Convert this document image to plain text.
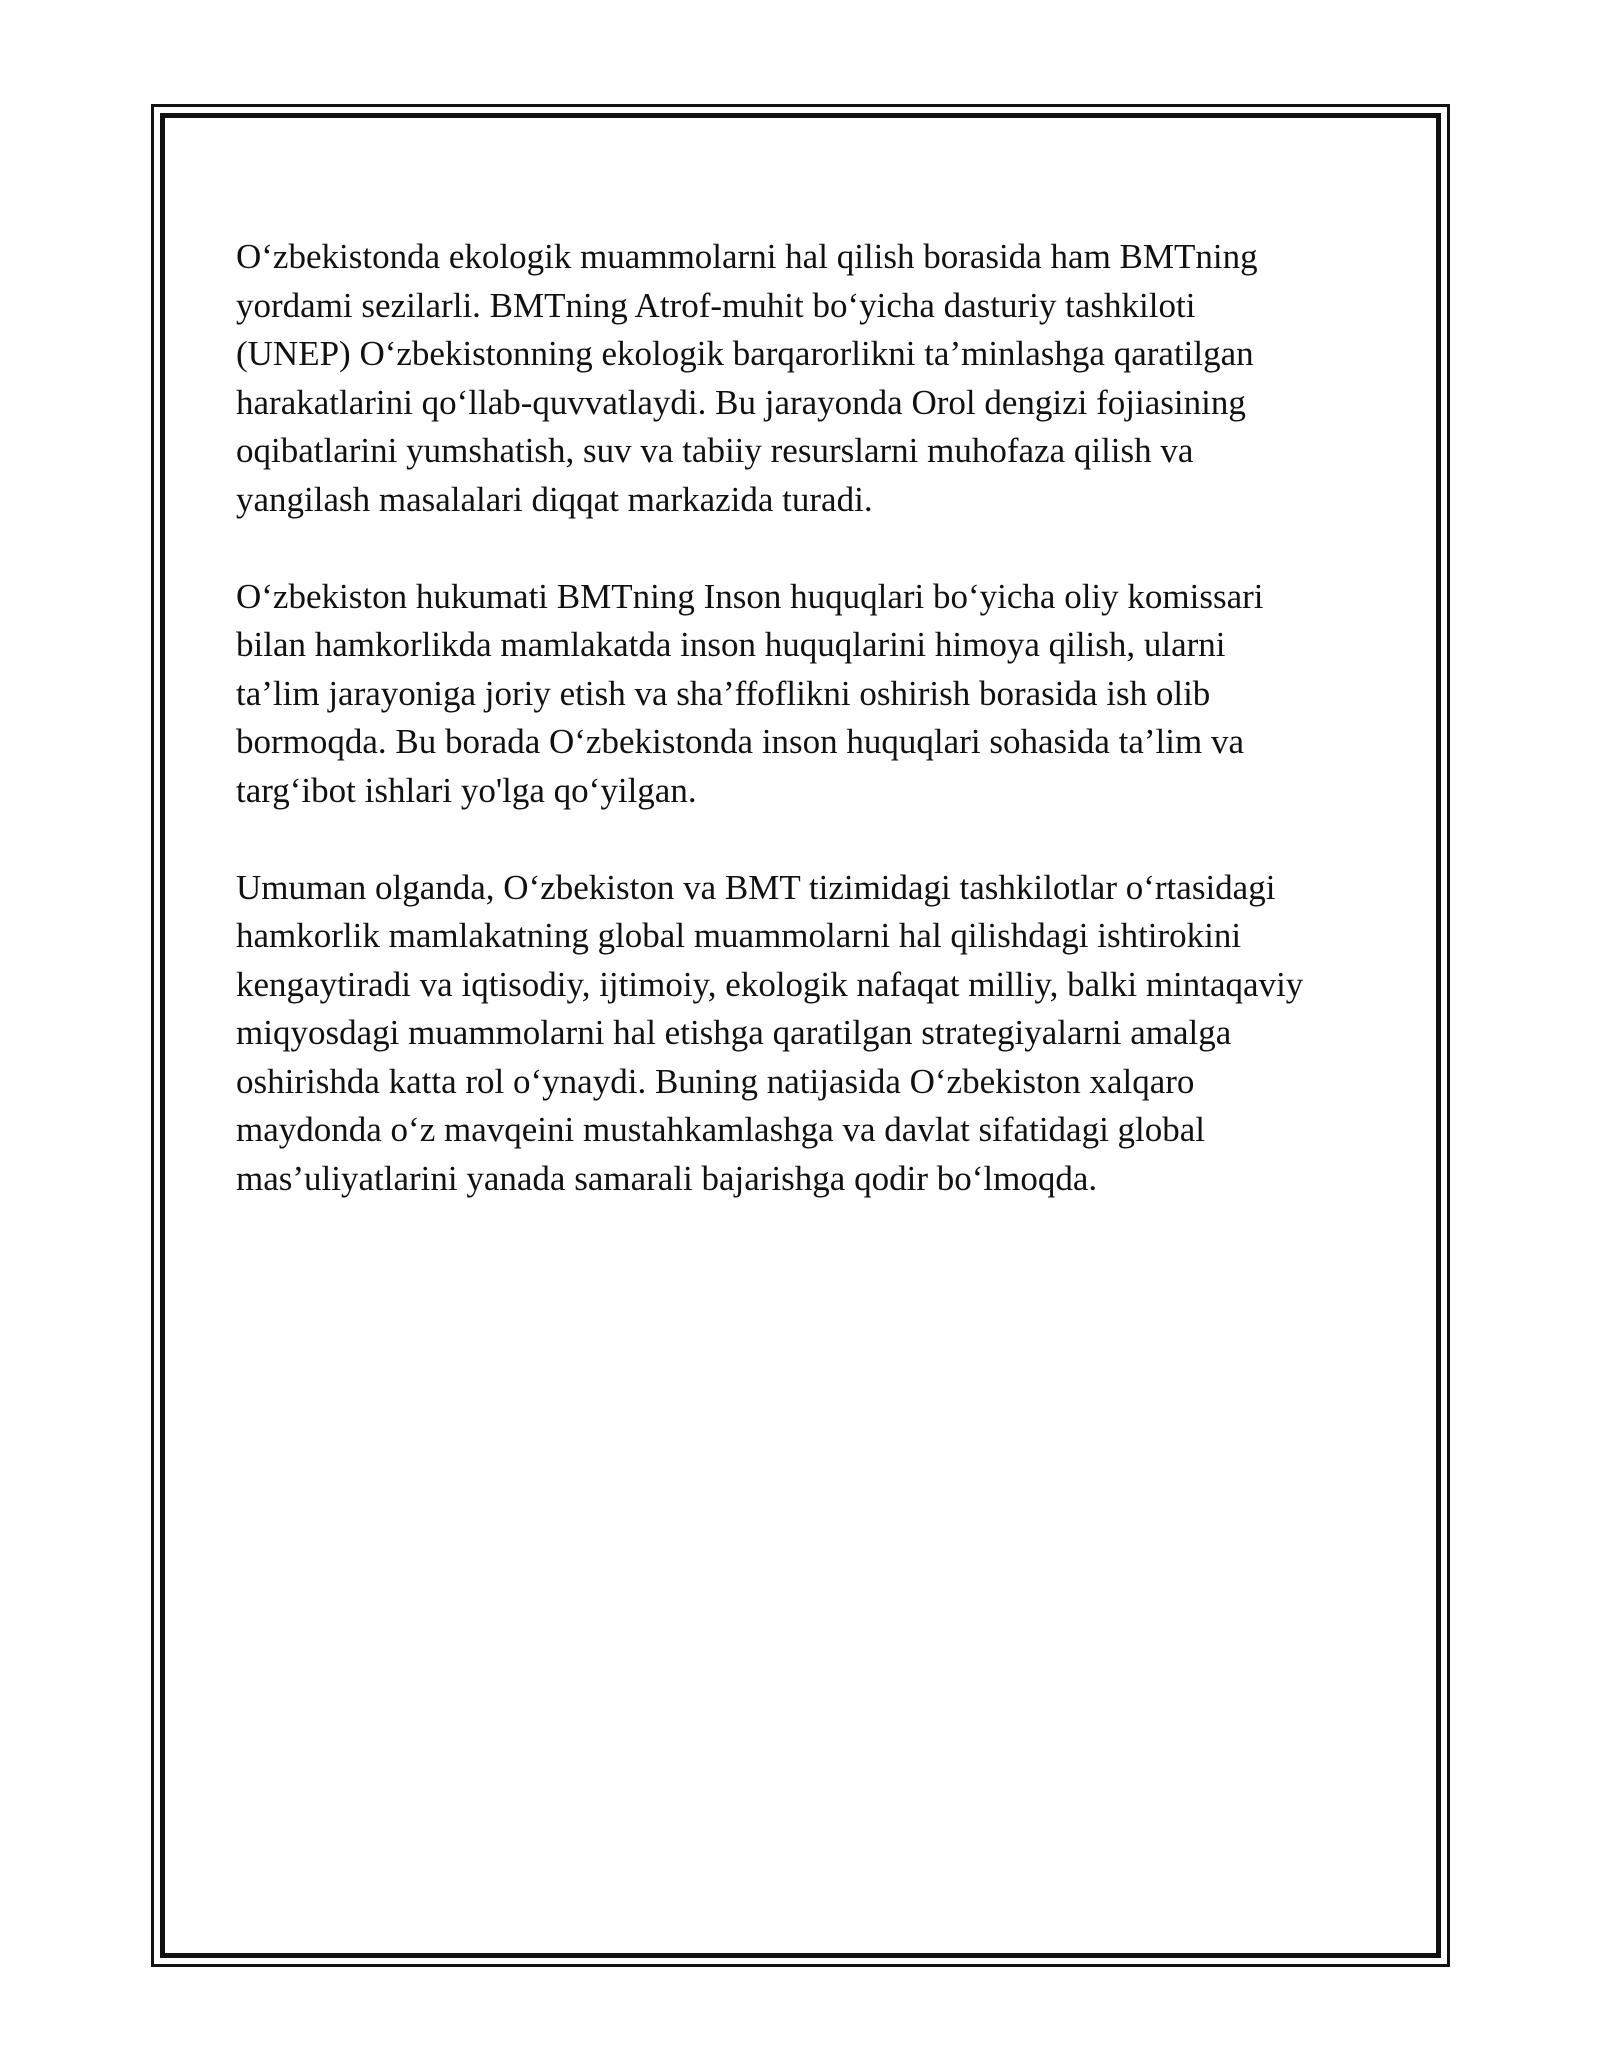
O‘zbekistonda ekologik muammolarni hal qilish borasida ham BMTning
yordami sezilarli. BMTning Atrof-muhit bo‘yicha dasturiy tashkiloti
(UNEP) O‘zbekistonning ekologik barqarorlikni ta’minlashga qaratilgan
harakatlarini qo‘llab-quvvatlaydi. Bu jarayonda Orol dengizi fojiasining
oqibatlarini yumshatish, suv va tabiiy resurslarni muhofaza qilish va
yangilash masalalari diqqat markazida turadi.

O‘zbekiston hukumati BMTning Inson huquqlari bo‘yicha oliy komissari
bilan hamkorlikda mamlakatda inson huquqlarini himoya qilish, ularni
ta’lim jarayoniga joriy etish va sha’ffoflikni oshirish borasida ish olib
bormoqda. Bu borada O‘zbekistonda inson huquqlari sohasida ta’lim va
targ‘ibot ishlari yo'lga qo‘yilgan.

Umuman olganda, O‘zbekiston va BMT tizimidagi tashkilotlar o‘rtasidagi
hamkorlik mamlakatning global muammolarni hal qilishdagi ishtirokini
kengaytiradi va iqtisodiy, ijtimoiy, ekologik nafaqat milliy, balki mintaqaviy
miqyosdagi muammolarni hal etishga qaratilgan strategiyalarni amalga
oshirishda katta rol o‘ynaydi. Buning natijasida O‘zbekiston xalqaro
maydonda o‘z mavqeini mustahkamlashga va davlat sifatidagi global
mas’uliyatlarini yanada samarali bajarishga qodir bo‘lmoqda.
